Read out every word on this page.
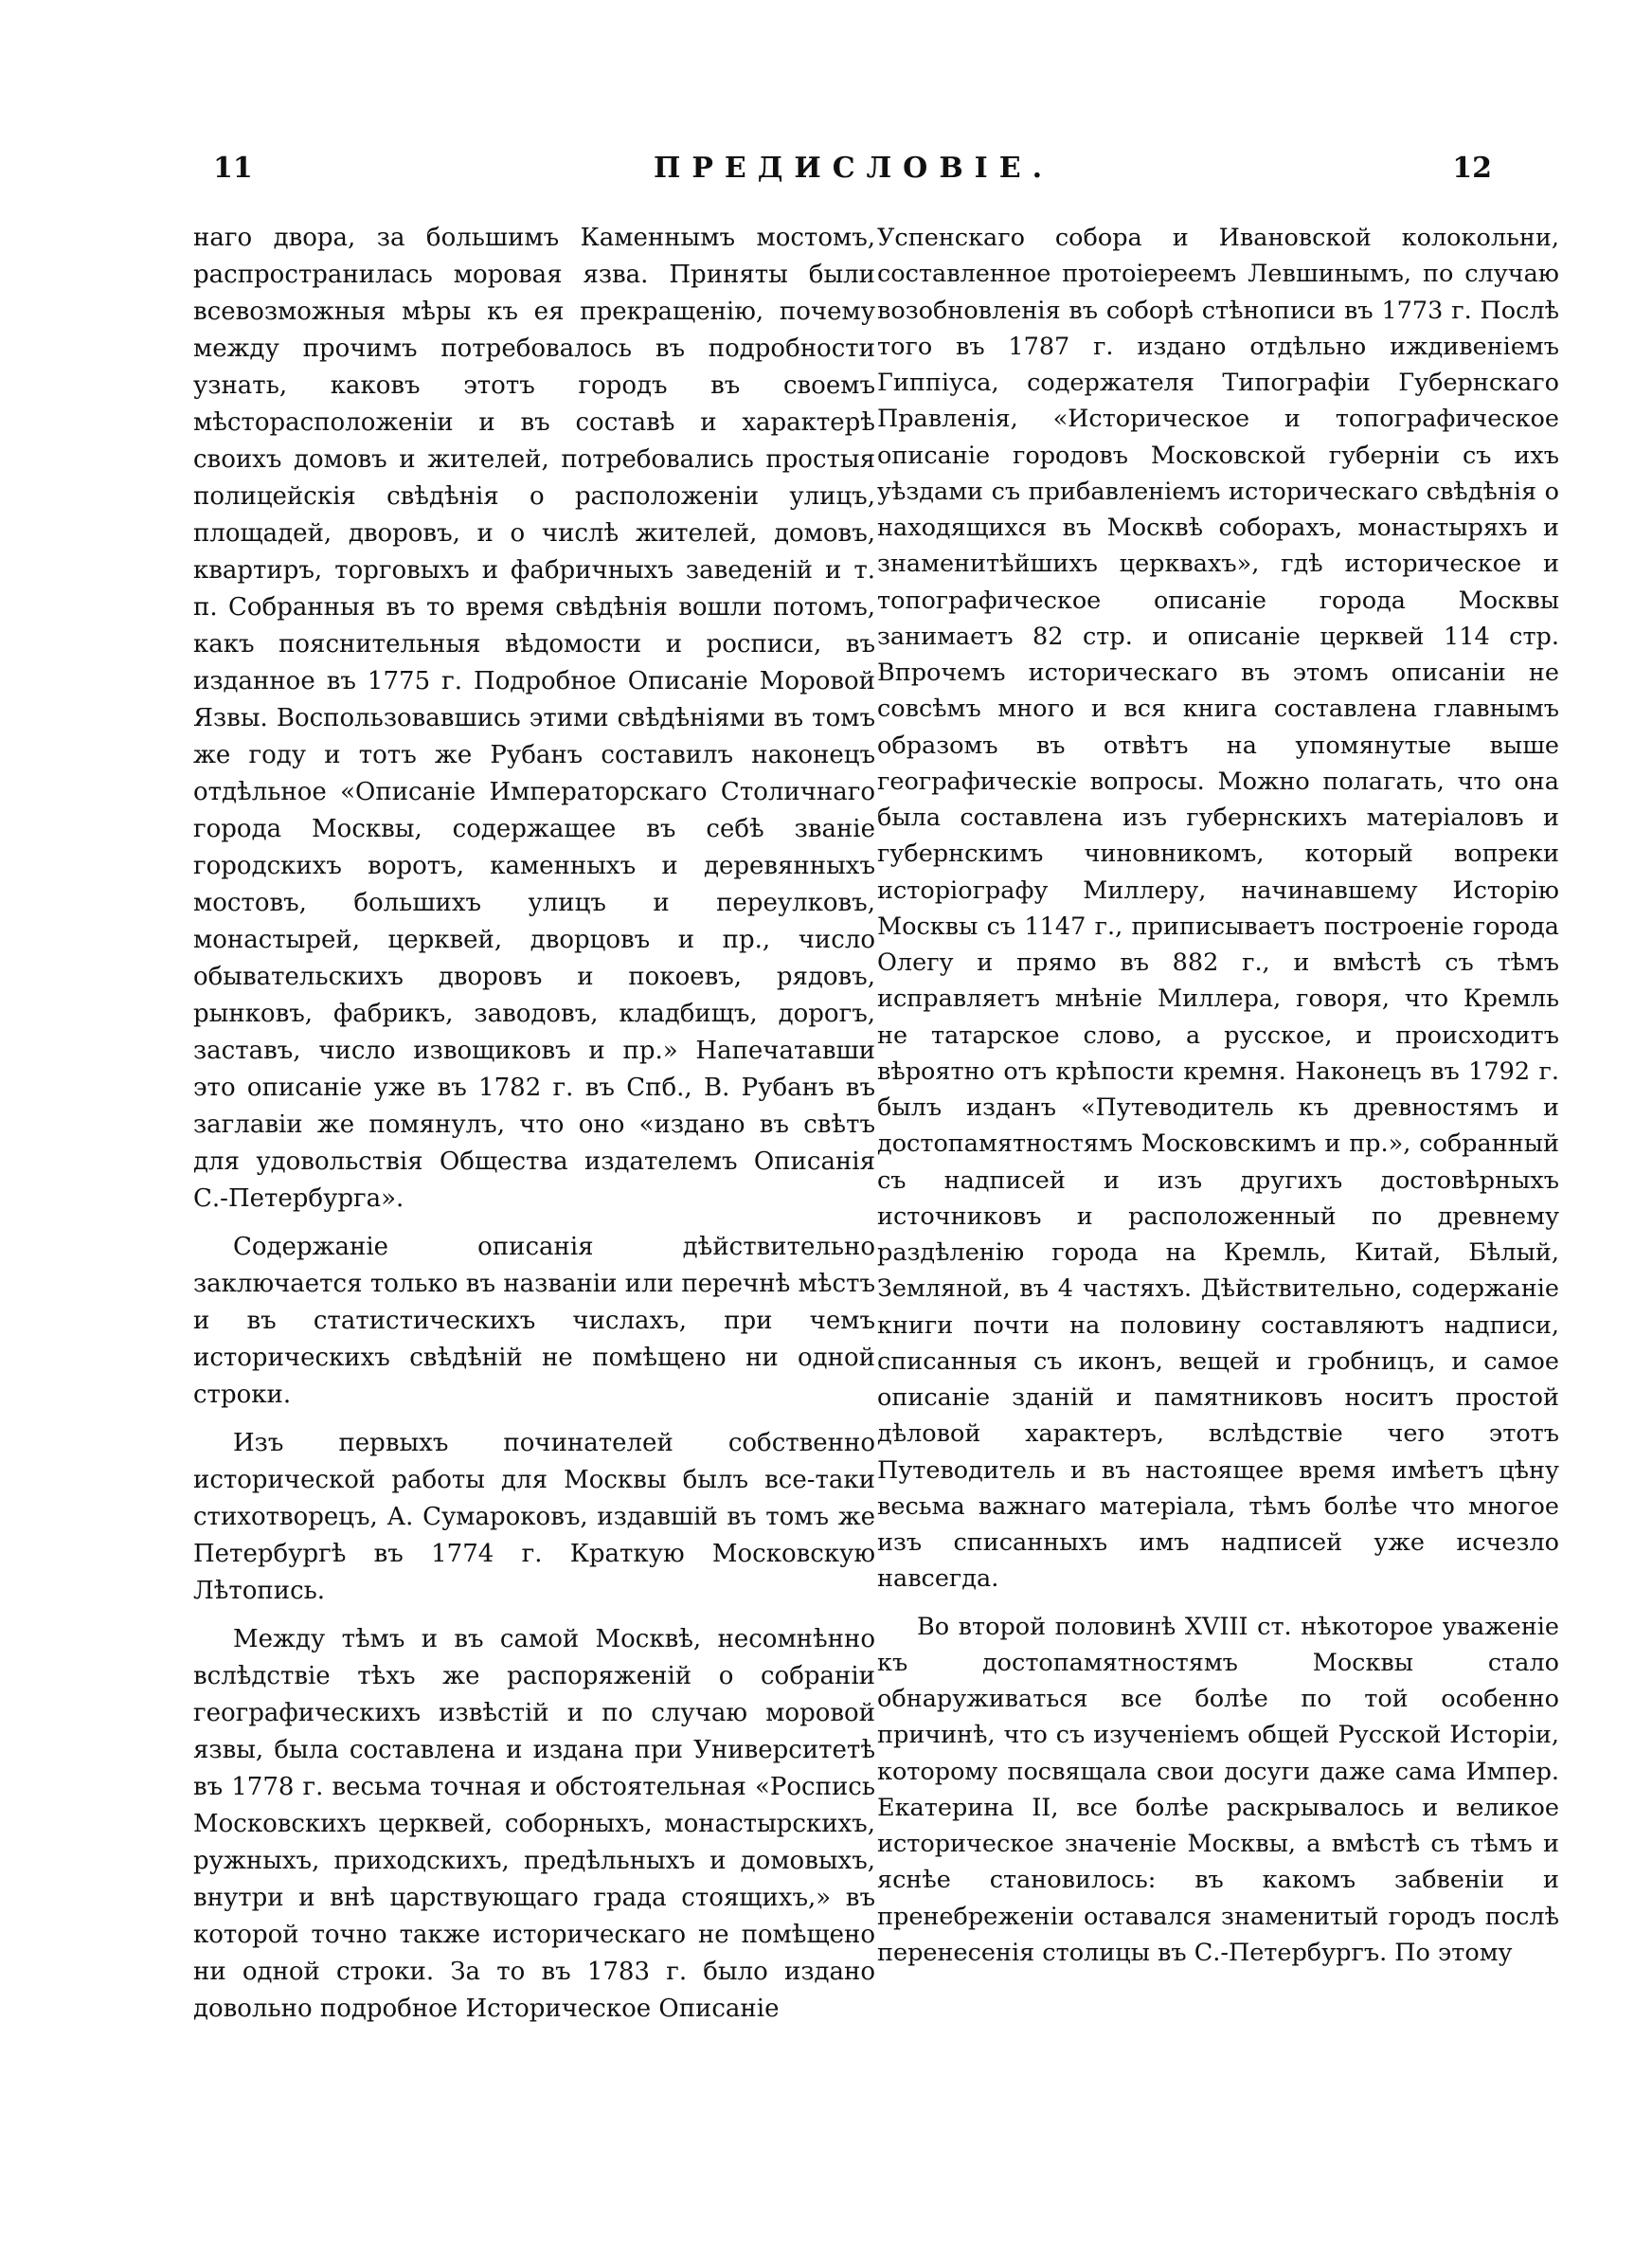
11	ПРЕДИСЛОВІЕ.	12

наго двора, за большимъ Каменнымъ мостомъ, распространилась моровая язва. Приняты были всевозможныя мѣры къ ея прекращенію, почему между прочимъ потребовалось въ подробности узнать, каковъ этотъ городъ въ своемъ мѣсторасположеніи и въ составѣ и характерѣ своихъ домовъ и жителей, потребовались простыя полицейскія свѣдѣнія о расположеніи улицъ, площадей, дворовъ, и о числѣ жителей, домовъ, квартиръ, торговыхъ и фабричныхъ заведеній и т. п. Собранныя въ то время свѣдѣнія вошли потомъ, какъ пояснительныя вѣдомости и росписи, въ изданное въ 1775 г. Подробное Описаніе Моровой Язвы. Воспользовавшись этими свѣдѣніями въ томъ же году и тотъ же Рубанъ составилъ наконецъ отдѣльное «Описаніе Императорскаго Столичнаго города Москвы, содержащее въ себѣ званіе городскихъ воротъ, каменныхъ и деревянныхъ мостовъ, большихъ улицъ и переулковъ, монастырей, церквей, дворцовъ и пр., число обывательскихъ дворовъ и покоевъ, рядовъ, рынковъ, фабрикъ, заводовъ, кладбищъ, дорогъ, заставъ, число извощиковъ и пр.» Напечатавши это описаніе уже въ 1782 г. въ Спб., В. Рубанъ въ заглавіи же помянулъ, что оно «издано въ свѣтъ для удовольствія Общества издателемъ Описанія С.-Петербурга».

Содержаніе описанія дѣйствительно заключается только въ названіи или перечнѣ мѣстъ и въ статистическихъ числахъ, при чемъ историческихъ свѣдѣній не помѣщено ни одной строки.

Изъ первыхъ починателей собственно исторической работы для Москвы былъ все-таки стихотворецъ, А. Сумароковъ, издавшій въ томъ же Петербургѣ въ 1774 г. Краткую Московскую Лѣтопись.

Между тѣмъ и въ самой Москвѣ, несомнѣнно вслѣдствіе тѣхъ же распоряженій о собраніи географическихъ извѣстій и по случаю моровой язвы, была составлена и издана при Университетѣ въ 1778 г. весьма точная и обстоятельная «Роспись Московскихъ церквей, соборныхъ, монастырскихъ, ружныхъ, приходскихъ, предѣльныхъ и домовыхъ, внутри и внѣ царствующаго града стоящихъ,» въ которой точно также историческаго не помѣщено ни одной строки. За то въ 1783 г. было издано довольно подробное Историческое Описаніе

Успенскаго собора и Ивановской колокольни, составленное протоіереемъ Левшинымъ, по случаю возобновленія въ соборѣ стѣнописи въ 1773 г. Послѣ того въ 1787 г. издано отдѣльно иждивеніемъ Гиппіуса, содержателя Типографіи Губернскаго Правленія, «Историческое и топографическое описаніе городовъ Московской губерніи съ ихъ уѣздами съ прибавленіемъ историческаго свѣдѣнія о находящихся въ Москвѣ соборахъ, монастыряхъ и знаменитѣйшихъ церквахъ», гдѣ историческое и топографическое описаніе города Москвы занимаетъ 82 стр. и описаніе церквей 114 стр. Впрочемъ историческаго въ этомъ описаніи не совсѣмъ много и вся книга составлена главнымъ образомъ въ отвѣтъ на упомянутые выше географическіе вопросы. Можно полагать, что она была составлена изъ губернскихъ матеріаловъ и губернскимъ чиновникомъ, который вопреки исторіографу Миллеру, начинавшему Исторію Москвы съ 1147 г., приписываетъ построеніе города Олегу и прямо въ 882 г., и вмѣстѣ съ тѣмъ исправляетъ мнѣніе Миллера, говоря, что Кремль не татарское слово, а русское, и происходитъ вѣроятно отъ крѣпости кремня. Наконецъ въ 1792 г. былъ изданъ «Путеводитель къ древностямъ и достопамятностямъ Московскимъ и пр.», собранный съ надписей и изъ другихъ достовѣрныхъ источниковъ и расположенный по древнему раздѣленію города на Кремль, Китай, Бѣлый, Земляной, въ 4 частяхъ. Дѣйствительно, содержаніе книги почти на половину составляютъ надписи, списанныя съ иконъ, вещей и гробницъ, и самое описаніе зданій и памятниковъ носитъ простой дѣловой характеръ, вслѣдствіе чего этотъ Путеводитель и въ настоящее время имѣетъ цѣну весьма важнаго матеріала, тѣмъ болѣе что многое изъ списанныхъ имъ надписей уже исчезло навсегда.

Во второй половинѣ XVIII ст. нѣкоторое уваженіе къ достопамятностямъ Москвы стало обнаруживаться все болѣе по той особенно причинѣ, что съ изученіемъ общей Русской Исторіи, которому посвящала свои досуги даже сама Импер. Екатерина II, все болѣе раскрывалось и великое историческое значеніе Москвы, а вмѣстѣ съ тѣмъ и яснѣе становилось: въ какомъ забвеніи и пренебреженіи оставался знаменитый городъ послѣ перенесенія столицы въ С.-Петербургъ. По этому
